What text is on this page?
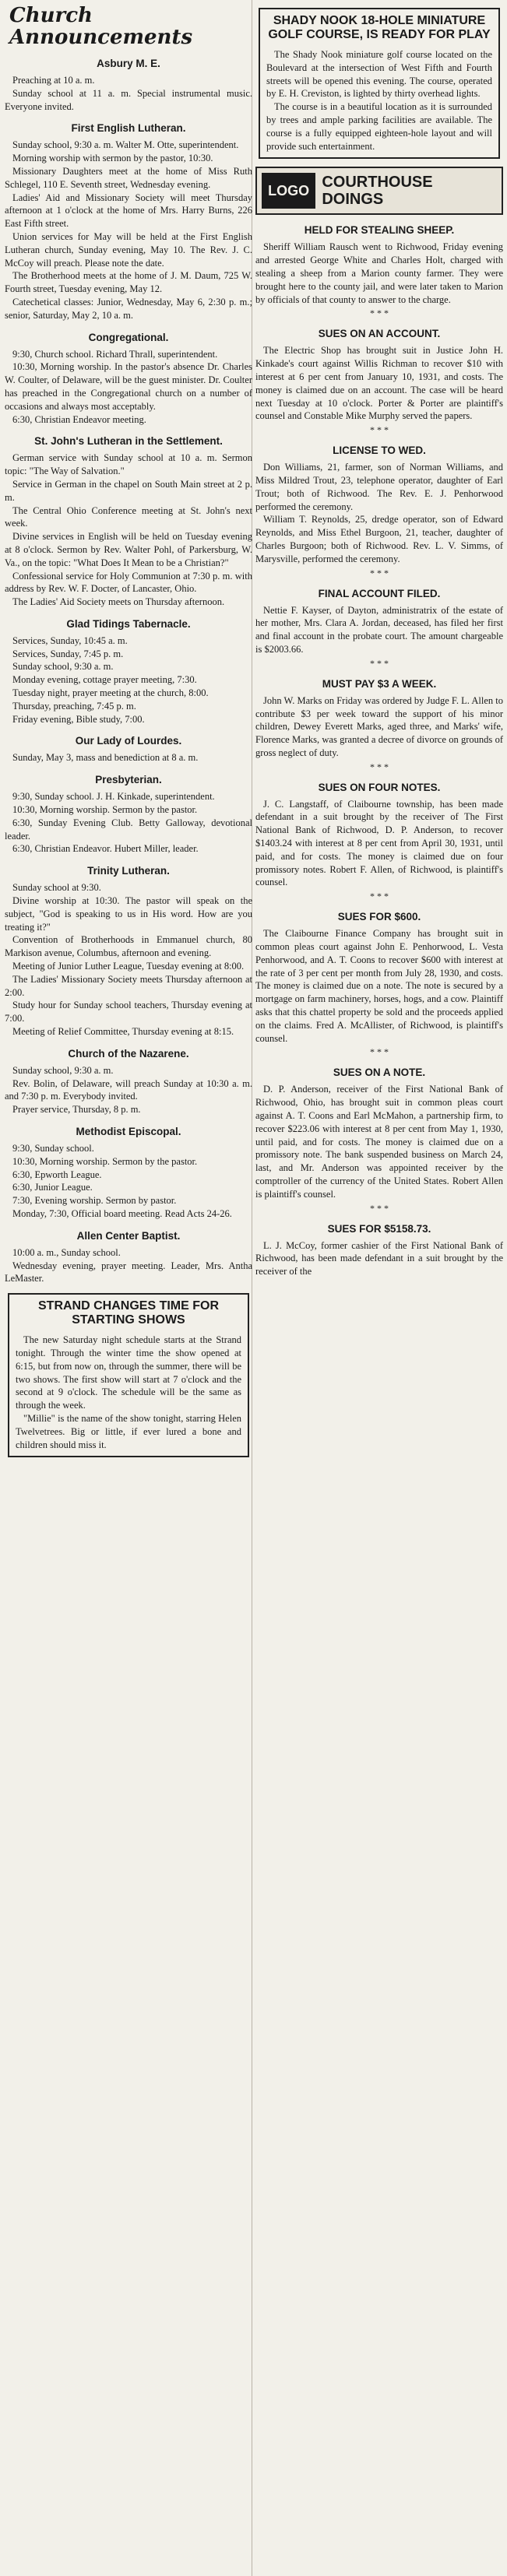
Church Announcements
Asbury M. E.

Preaching at 10 a. m.

Sunday school at 11 a. m. Special instrumental music. Everyone invited.

First English Lutheran.

Sunday school, 9:30 a. m. Walter M. Otte, superintendent.

Morning worship with sermon by the pastor, 10:30.

Missionary Daughters meet at the home of Miss Ruth Schlegel, 110 E. Seventh street, Wednesday evening.

Ladies' Aid and Missionary Society will meet Thursday afternoon at 1 o'clock at the home of Mrs. Harry Burns, 226 East Fifth street.

Union services for May will be held at the First English Lutheran church, Sunday evening, May 10. The Rev. J. C. McCoy will preach. Please note the date.

The Brotherhood meets at the home of J. M. Daum, 725 W. Fourth street, Tuesday evening, May 12.

Catechetical classes: Junior, Wednesday, May 6, 2:30 p. m.; senior, Saturday, May 2, 10 a. m.

Congregational.

9:30, Church school. Richard Thrall, superintendent.

10:30, Morning worship. In the pastor's absence Dr. Charles W. Coulter, of Delaware, will be the guest minister. Dr. Coulter has preached in the Congregational church on a number of occasions and always most acceptably.

6:30, Christian Endeavor meeting.

St. John's Lutheran in the Settlement.

German service with Sunday school at 10 a. m. Sermon topic: "The Way of Salvation."

Service in German in the chapel on South Main street at 2 p. m.

The Central Ohio Conference meeting at St. John's next week.

Divine services in English will be held on Tuesday evening at 8 o'clock. Sermon by Rev. Walter Pohl, of Parkersburg, W. Va., on the topic: "What Does It Mean to be a Christian?"

Confessional service for Holy Communion at 7:30 p. m. with address by Rev. W. F. Docter, of Lancaster, Ohio.

The Ladies' Aid Society meets on Thursday afternoon.

Glad Tidings Tabernacle.

Services, Sunday, 10:45 a. m.

Services, Sunday, 7:45 p. m.

Sunday school, 9:30 a. m.

Monday evening, cottage prayer meeting, 7:30.

Tuesday night, prayer meeting at the church, 8:00.

Thursday, preaching, 7:45 p. m.

Friday evening, Bible study, 7:00.

Our Lady of Lourdes.

Sunday, May 3, mass and benediction at 8 a. m.

Presbyterian.

9:30, Sunday school. J. H. Kinkade, superintendent.

10:30, Morning worship. Sermon by the pastor.

6:30, Sunday Evening Club. Betty Galloway, devotional leader.

6:30, Christian Endeavor. Hubert Miller, leader.

Trinity Lutheran.

Sunday school at 9:30.

Divine worship at 10:30. The pastor will speak on the subject, "God is speaking to us in His word. How are you treating it?"

Convention of Brotherhoods in Emmanuel church, 80 Markison avenue, Columbus, afternoon and evening.

Meeting of Junior Luther League, Tuesday evening at 8:00.

The Ladies' Missionary Society meets Thursday afternoon at 2:00.

Study hour for Sunday school teachers, Thursday evening at 7:00.

Meeting of Relief Committee, Thursday evening at 8:15.

Church of the Nazarene.

Sunday school, 9:30 a. m.

Rev. Bolin, of Delaware, will preach Sunday at 10:30 a. m. and 7:30 p. m. Everybody invited.

Prayer service, Thursday, 8 p. m.

Methodist Episcopal.

9:30, Sunday school.

10:30, Morning worship. Sermon by the pastor.

6:30, Epworth League.

6:30, Junior League.

7:30, Evening worship. Sermon by pastor.

Monday, 7:30, Official board meeting. Read Acts 24-26.

Allen Center Baptist.

10:00 a. m., Sunday school.

Wednesday evening, prayer meeting. Leader, Mrs. Antha LeMaster.

STRAND CHANGES TIME FOR STARTING SHOWS

The new Saturday night schedule starts at the Strand tonight. Through the winter time the show opened at 6:15, but from now on, through the summer, there will be two shows. The first show will start at 7 o'clock and the second at 9 o'clock. The schedule will be the same as through the week.

"Millie" is the name of the show tonight, starring Helen Twelvetrees. Big or little, if ever lured a bone and children should miss it.

SHADY NOOK 18-HOLE MINIATURE GOLF COURSE, IS READY FOR PLAY

The Shady Nook miniature golf course located on the Boulevard at the intersection of West Fifth and Fourth streets will be opened this evening. The course, operated by E. H. Creviston, is lighted by thirty overhead lights.

The course is in a beautiful location as it is surrounded by trees and ample parking facilities are available. The course is a fully equipped eighteen-hole layout and will provide such entertainment.

LOGO COURTHOUSE DOINGS
HELD FOR STEALING SHEEP.

Sheriff William Rausch went to Richwood, Friday evening and arrested George White and Charles Holt, charged with stealing a sheep from a Marion county farmer. They were brought here to the county jail, and were later taken to Marion by officials of that county to answer to the charge.

* * *
SUES ON AN ACCOUNT.

The Electric Shop has brought suit in Justice John H. Kinkade's court against Willis Richman to recover $10 with interest at 6 per cent from January 10, 1931, and costs. The money is claimed due on an account. The case will be heard next Tuesday at 10 o'clock. Porter & Porter are plaintiff's counsel and Constable Mike Murphy served the papers.

* * *
LICENSE TO WED.

Don Williams, 21, farmer, son of Norman Williams, and Miss Mildred Trout, 23, telephone operator, daughter of Earl Trout; both of Richwood. The Rev. E. J. Penhorwood performed the ceremony.

William T. Reynolds, 25, dredge operator, son of Edward Reynolds, and Miss Ethel Burgoon, 21, teacher, daughter of Charles Burgoon; both of Richwood. Rev. L. V. Simms, of Marysville, performed the ceremony.

* * *
FINAL ACCOUNT FILED.

Nettie F. Kayser, of Dayton, administratrix of the estate of her mother, Mrs. Clara A. Jordan, deceased, has filed her first and final account in the probate court. The amount chargeable is $2003.66.

* * *
MUST PAY $3 A WEEK.

John W. Marks on Friday was ordered by Judge F. L. Allen to contribute $3 per week toward the support of his minor children, Dewey Everett Marks, aged three, and Marks' wife, Florence Marks, was granted a decree of divorce on grounds of gross neglect of duty.

* * *
SUES ON FOUR NOTES.

J. C. Langstaff, of Claibourne township, has been made defendant in a suit brought by the receiver of The First National Bank of Richwood, D. P. Anderson, to recover $1403.24 with interest at 8 per cent from April 30, 1931, until paid, and for costs. The money is claimed due on four promissory notes. Robert F. Allen, of Richwood, is plaintiff's counsel.

* * *
SUES FOR $600.

The Claibourne Finance Company has brought suit in common pleas court against John E. Penhorwood, L. Vesta Penhorwood, and A. T. Coons to recover $600 with interest at the rate of 3 per cent per month from July 28, 1930, and costs. The money is claimed due on a note. The note is secured by a mortgage on farm machinery, horses, hogs, and a cow. Plaintiff asks that this chattel property be sold and the proceeds applied on the claims. Fred A. McAllister, of Richwood, is plaintiff's counsel.

* * *
SUES ON A NOTE.

D. P. Anderson, receiver of the First National Bank of Richwood, Ohio, has brought suit in common pleas court against A. T. Coons and Earl McMahon, a partnership firm, to recover $223.06 with interest at 8 per cent from May 1, 1930, until paid, and for costs. The money is claimed due on a promissory note. The bank suspended business on March 24, last, and Mr. Anderson was appointed receiver by the comptroller of the currency of the United States. Robert Allen is plaintiff's counsel.

* * *
SUES FOR $5158.73.

L. J. McCoy, former cashier of the First National Bank of Richwood, has been made defendant in a suit brought by the receiver of the
